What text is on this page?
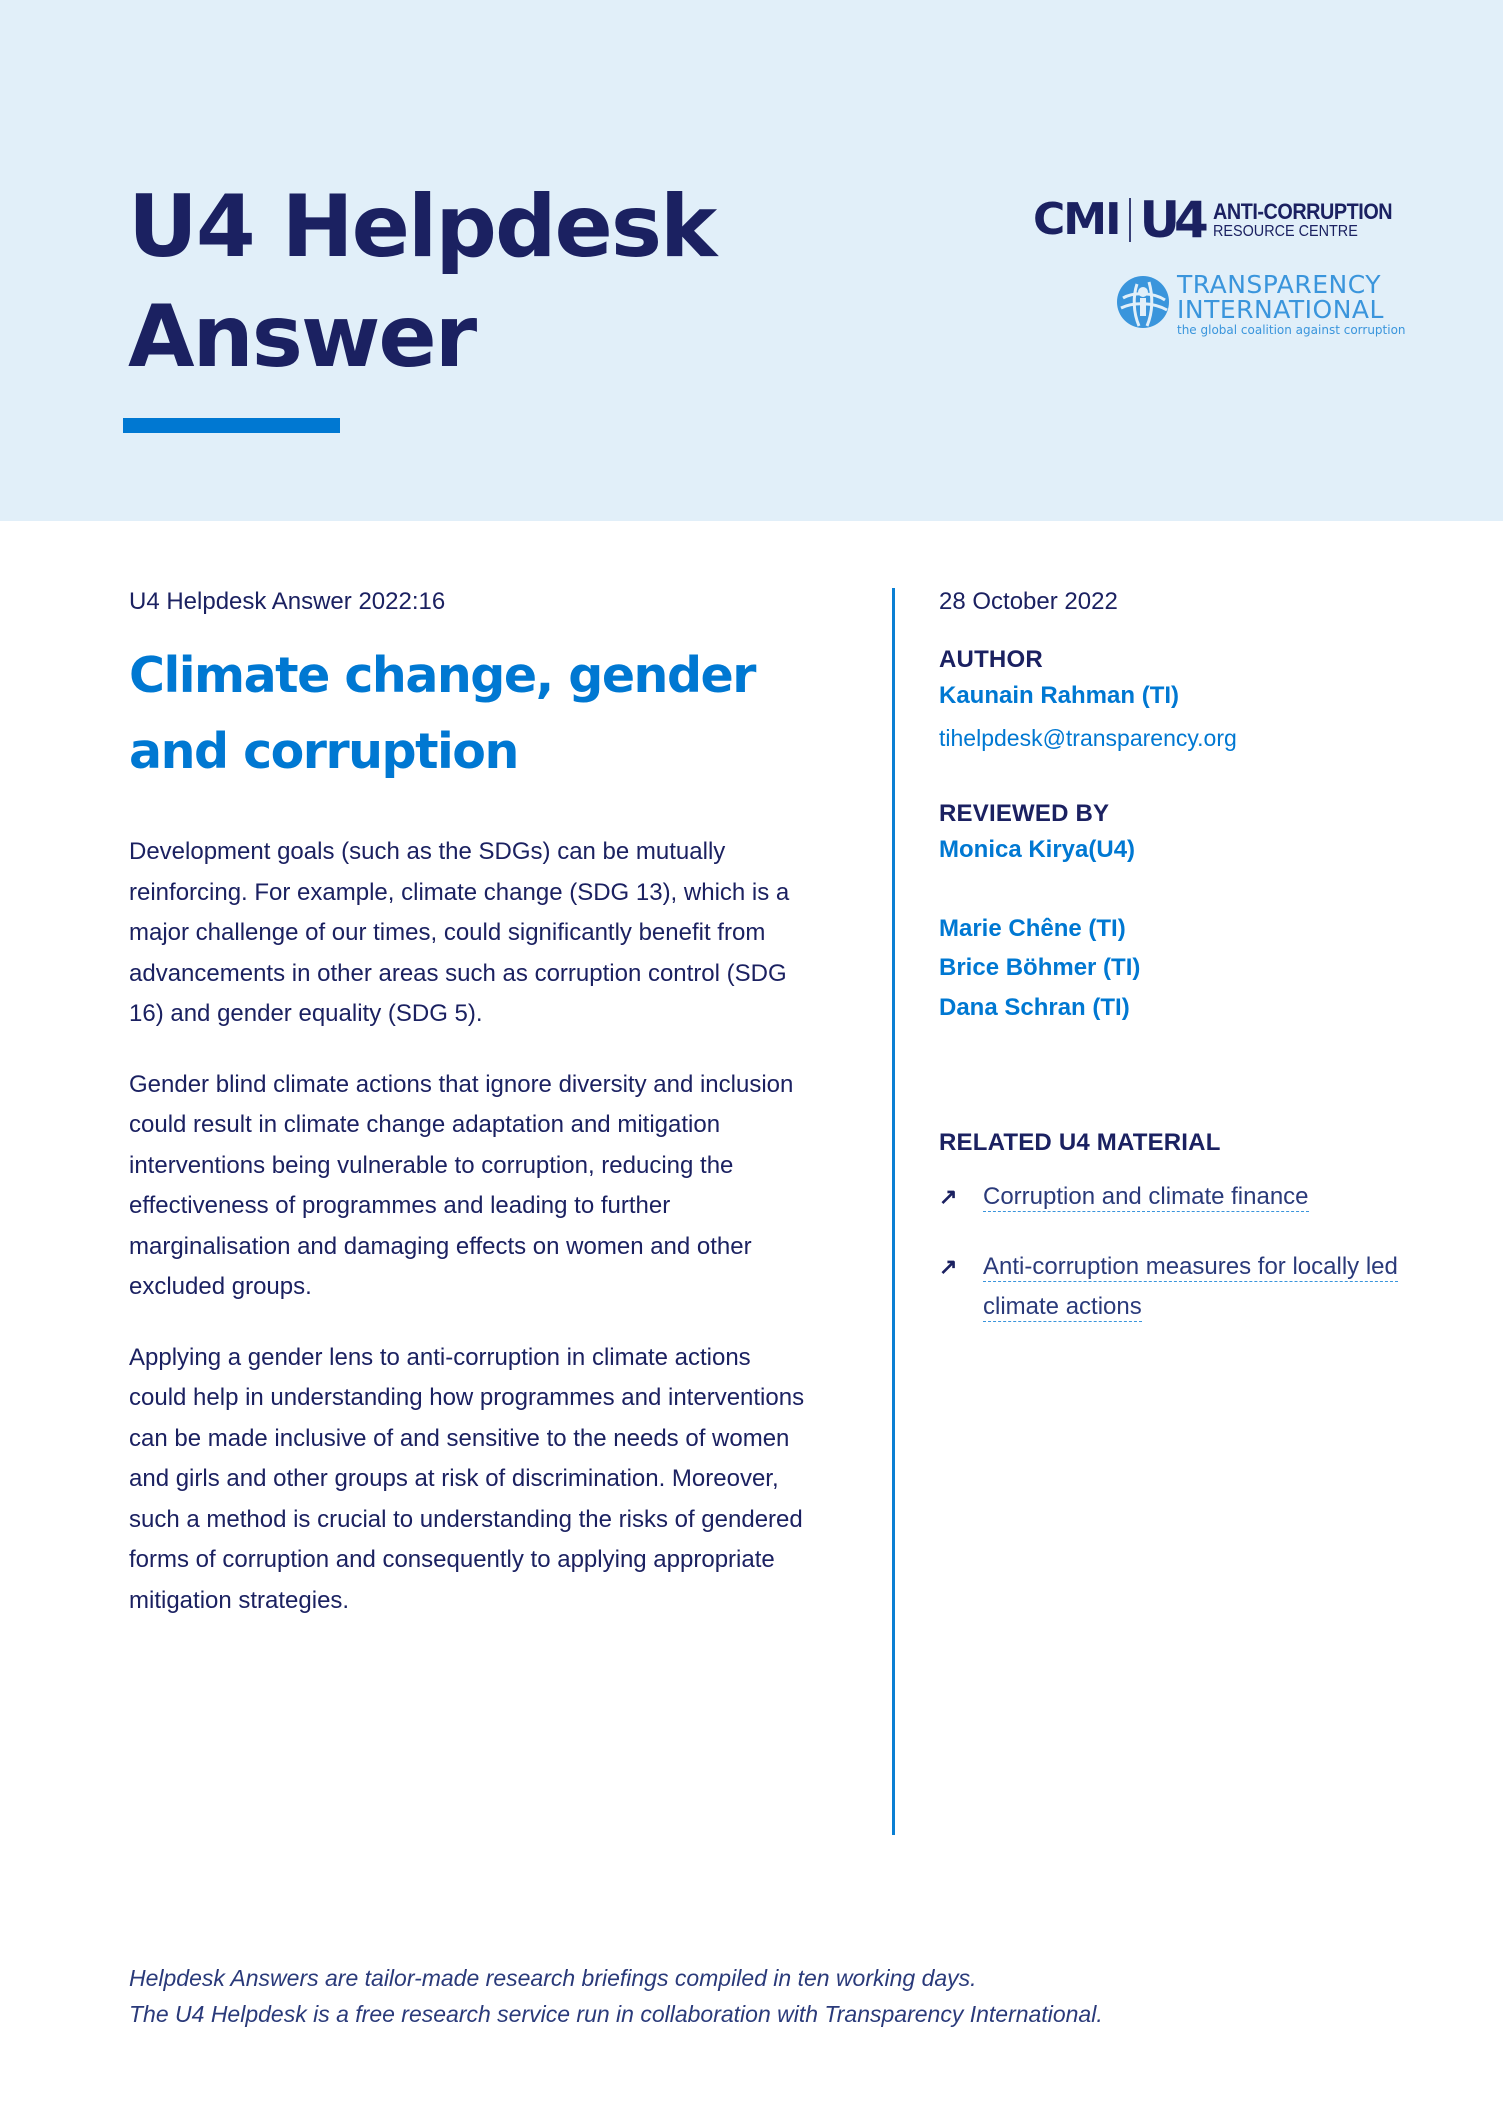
U4 Helpdesk
Answer
CMI U4 ANTI-CORRUPTION
RESOURCE CENTRE
TRANSPARENCY
INTERNATIONAL
the global coalition against corruption
U4 Helpdesk Answer 2022:16
Climate change, gender
and corruption

Development goals (such as the SDGs) can be mutually reinforcing. For example, climate change (SDG 13), which is a major challenge of our times, could significantly benefit from advancements in other areas such as corruption control (SDG 16) and gender equality (SDG 5).

Gender blind climate actions that ignore diversity and inclusion could result in climate change adaptation and mitigation interventions being vulnerable to corruption, reducing the effectiveness of programmes and leading to further marginalisation and damaging effects on women and other excluded groups.

Applying a gender lens to anti-corruption in climate actions could help in understanding how programmes and interventions can be made inclusive of and sensitive to the needs of women and girls and other groups at risk of discrimination. Moreover, such a method is crucial to understanding the risks of gendered forms of corruption and consequently to applying appropriate mitigation strategies.

28 October 2022
AUTHOR
Kaunain Rahman (TI)
tihelpdesk@transparency.org
REVIEWED BY
Monica Kirya(U4)
Marie Chêne (TI)
Brice Böhmer (TI)
Dana Schran (TI)
RELATED U4 MATERIAL
↗	Corruption and climate finance
↗	Anti-corruption measures for locally led climate actions
Helpdesk Answers are tailor-made research briefings compiled in ten working days.
The U4 Helpdesk is a free research service run in collaboration with Transparency International.
